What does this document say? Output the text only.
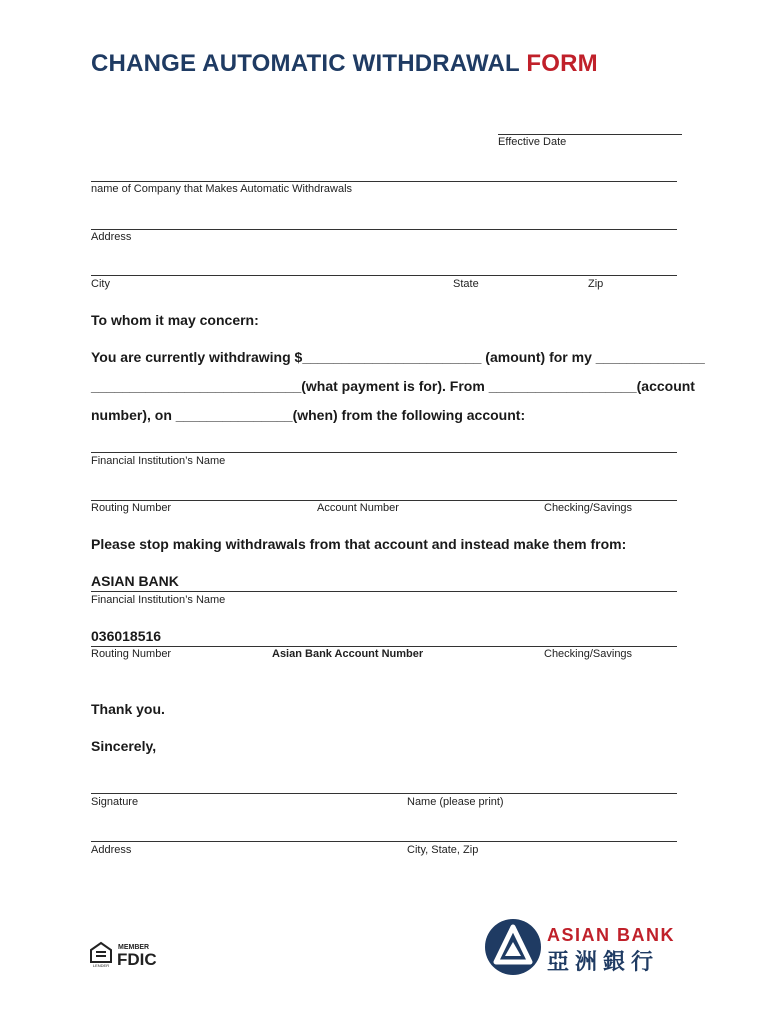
CHANGE AUTOMATIC WITHDRAWAL FORM
Effective Date
name of Company that Makes Automatic Withdrawals
Address
City	State	Zip
To whom it may concern:
You are currently withdrawing $_______________________ (amount) for my ______________
___________________________(what payment is for). From ___________________(account
number), on _______________(when) from the following account:
Financial Institution’s Name
Routing Number	Account Number	Checking/Savings
Please stop making withdrawals from that account and instead make them from:
ASIAN BANK
Financial Institution’s Name
036018516
Routing Number	Asian Bank Account Number	Checking/Savings
Thank you.
Sincerely,
Signature	Name (please print)
Address	City, State, Zip
LENDER
MEMBER
FDIC
ASIAN BANK
亞洲銀行
